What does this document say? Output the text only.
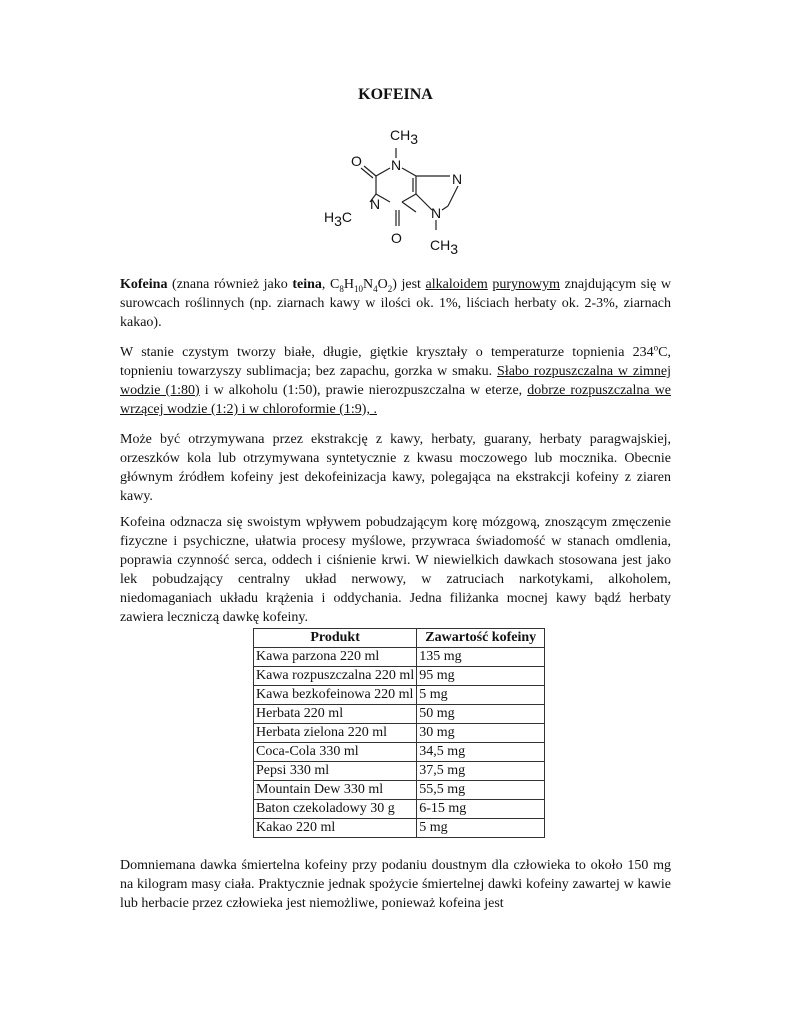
KOFEINA
CH3
O N
N
H3C
N
N
O CH3

Kofeina (znana również jako teina, $C_8H_{10}N_4O_2$) jest alkaloidem purynowym znajdującym się w surowcach roślinnych (np. ziarnach kawy w ilości ok. 1%, liściach herbaty ok. 2-3%, ziarnach kakao).

W stanie czystym tworzy białe, długie, giętkie kryształy o temperaturze topnienia 234$^o$C, topnieniu towarzyszy sublimacja; bez zapachu, gorzka w smaku. Słabo rozpuszczalna w zimnej wodzie (1:80) i w alkoholu (1:50), prawie nierozpuszczalna w eterze, dobrze rozpuszczalna we wrzącej wodzie (1:2) i w chloroformie (1:9), .

Może być otrzymywana przez ekstrakcję z kawy, herbaty, guarany, herbaty paragwajskiej, orzeszków kola lub otrzymywana syntetycznie z kwasu moczowego lub mocznika. Obecnie głównym źródłem kofeiny jest dekofeinizacja kawy, polegająca na ekstrakcji kofeiny z ziaren kawy.

Kofeina odznacza się swoistym wpływem pobudzającym korę mózgową, znoszącym zmęczenie fizyczne i psychiczne, ułatwia procesy myślowe, przywraca świadomość w stanach omdlenia, poprawia czynność serca, oddech i ciśnienie krwi. W niewielkich dawkach stosowana jest jako lek pobudzający centralny układ nerwowy, w zatruciach narkotykami, alkoholem, niedomaganiach układu krążenia i oddychania. Jedna filiżanka mocnej kawy bądź herbaty zawiera leczniczą dawkę kofeiny.

Produkt	Zawartość kofeiny
Kawa parzona 220 ml	135 mg
Kawa rozpuszczalna 220 ml	95 mg
Kawa bezkofeinowa 220 ml	5 mg
Herbata 220 ml	50 mg
Herbata zielona 220 ml	30 mg
Coca-Cola 330 ml	34,5 mg
Pepsi 330 ml	37,5 mg
Mountain Dew 330 ml	55,5 mg
Baton czekoladowy 30 g	6-15 mg
Kakao 220 ml	5 mg

Domniemana dawka śmiertelna kofeiny przy podaniu doustnym dla człowieka to około 150 mg na kilogram masy ciała. Praktycznie jednak spożycie śmiertelnej dawki kofeiny zawartej w kawie lub herbacie przez człowieka jest niemożliwe, ponieważ kofeina jest
